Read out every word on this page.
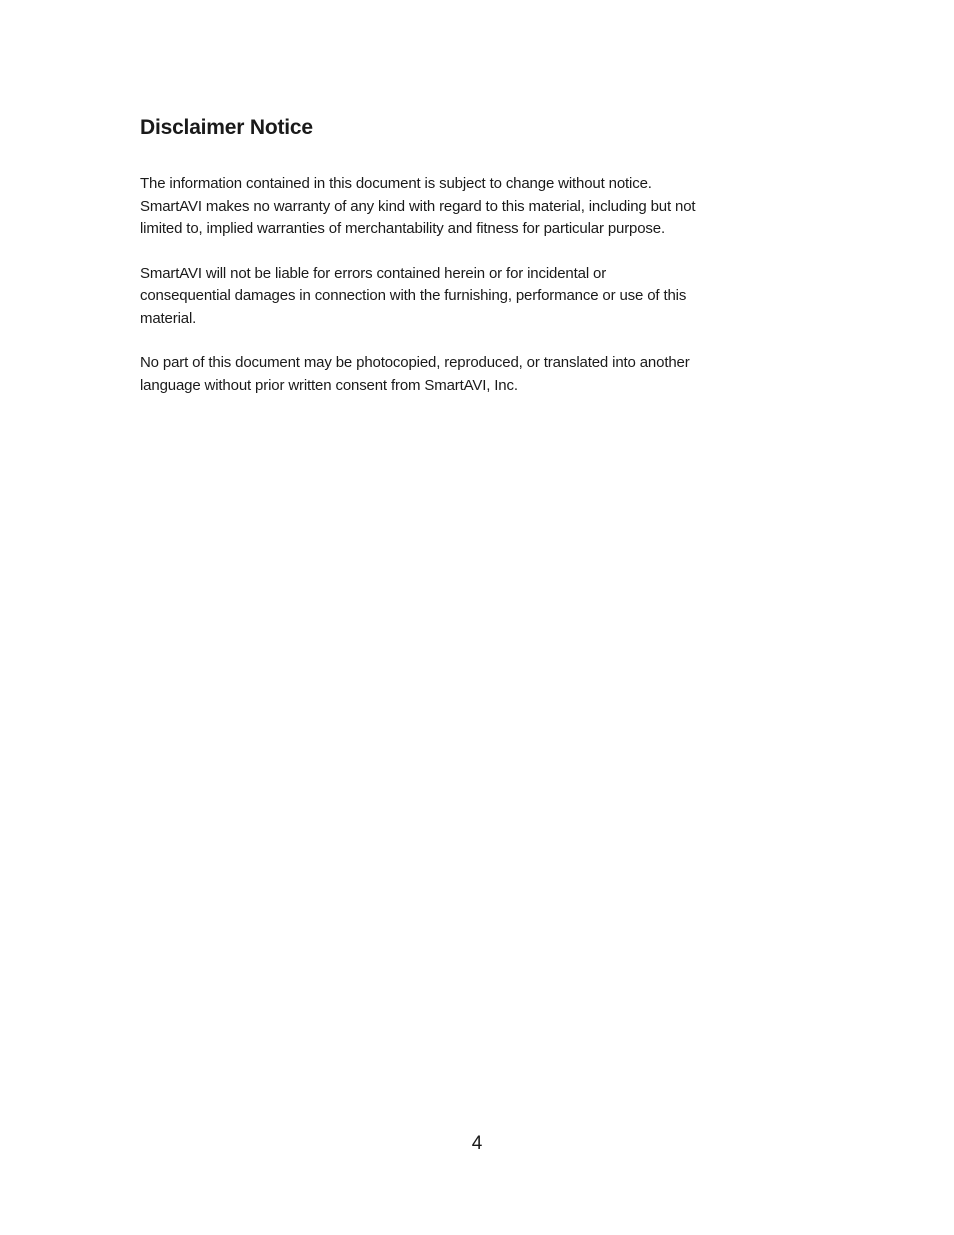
Disclaimer Notice

The information contained in this document is subject to change without notice.
SmartAVI makes no warranty of any kind with regard to this material, including but not
limited to, implied warranties of merchantability and fitness for particular purpose.

SmartAVI will not be liable for errors contained herein or for incidental or
consequential damages in connection with the furnishing, performance or use of this
material.

No part of this document may be photocopied, reproduced, or translated into another
language without prior written consent from SmartAVI, Inc.

4
